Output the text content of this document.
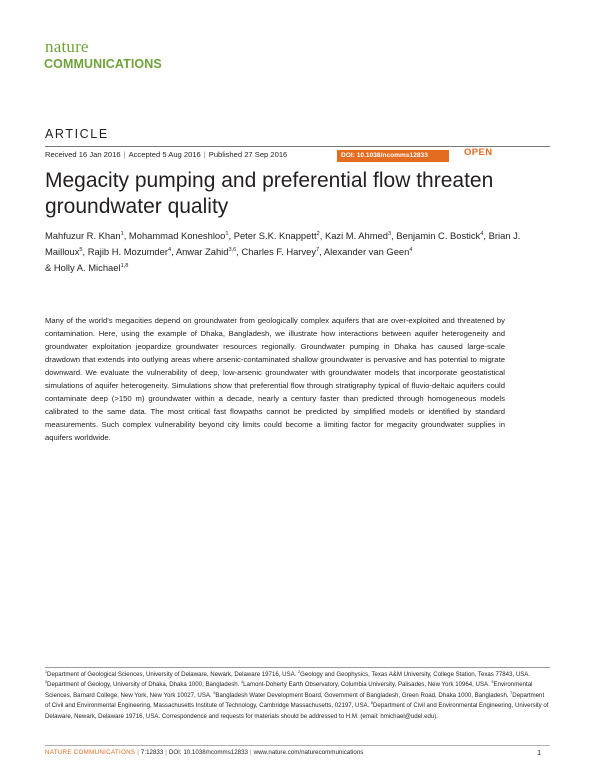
nature
COMMUNICATIONS
ARTICLE
Received 16 Jan 2016 | Accepted 5 Aug 2016 | Published 27 Sep 2016	DOI: 10.1038/ncomms12833	OPEN
Megacity pumping and preferential flow threaten groundwater quality
Mahfuzur R. Khan$^1$, Mohammad Koneshloo$^1$, Peter S.K. Knappett$^2$, Kazi M. Ahmed$^3$, Benjamin C. Bostick$^4$, Brian J. Mailloux$^5$, Rajib H. Mozumder$^4$, Anwar Zahid$^{3,6}$, Charles F. Harvey$^7$, Alexander van Geen$^4$
& Holly A. Michael$^{1,8}$
Many of the world's megacities depend on groundwater from geologically complex aquifers that are over-exploited and threatened by contamination. Here, using the example of Dhaka, Bangladesh, we illustrate how interactions between aquifer heterogeneity and groundwater exploitation jeopardize groundwater resources regionally. Groundwater pumping in Dhaka has caused large-scale drawdown that extends into outlying areas where arsenic-contaminated shallow groundwater is pervasive and has potential to migrate downward. We evaluate the vulnerability of deep, low-arsenic groundwater with groundwater models that incorporate geostatistical simulations of aquifer heterogeneity. Simulations show that preferential flow through stratigraphy typical of fluvio-deltaic aquifers could contaminate deep (>150 m) groundwater within a decade, nearly a century faster than predicted through homogeneous models calibrated to the same data. The most critical fast flowpaths cannot be predicted by simplified models or identified by standard measurements. Such complex vulnerability beyond city limits could become a limiting factor for megacity groundwater supplies in aquifers worldwide.
$^1$Department of Geological Sciences, University of Delaware, Newark, Delaware 19716, USA. $^2$Geology and Geophysics, Texas A&M University, College Station, Texas 77843, USA. $^3$Department of Geology, University of Dhaka, Dhaka 1000, Bangladesh. $^4$Lamont-Doherty Earth Observatory, Columbia University, Palisades, New York 10964, USA. $^5$Environmental Sciences, Barnard College, New York, New York 10027, USA. $^6$Bangladesh Water Development Board, Government of Bangladesh, Green Road, Dhaka 1000, Bangladesh. $^7$Department of Civil and Environmental Engineering, Massachusetts Institute of Technology, Cambridge Massachusetts, 02197, USA. $^8$Department of Civil and Environmental Engineering, University of Delaware, Newark, Delaware 19716, USA. Correspondence and requests for materials should be addressed to H.M. (email: hmichael@udel.edu).
NATURE COMMUNICATIONS | 7:12833 | DOI: 10.1038/ncomms12833 | www.nature.com/naturecommunications	1
